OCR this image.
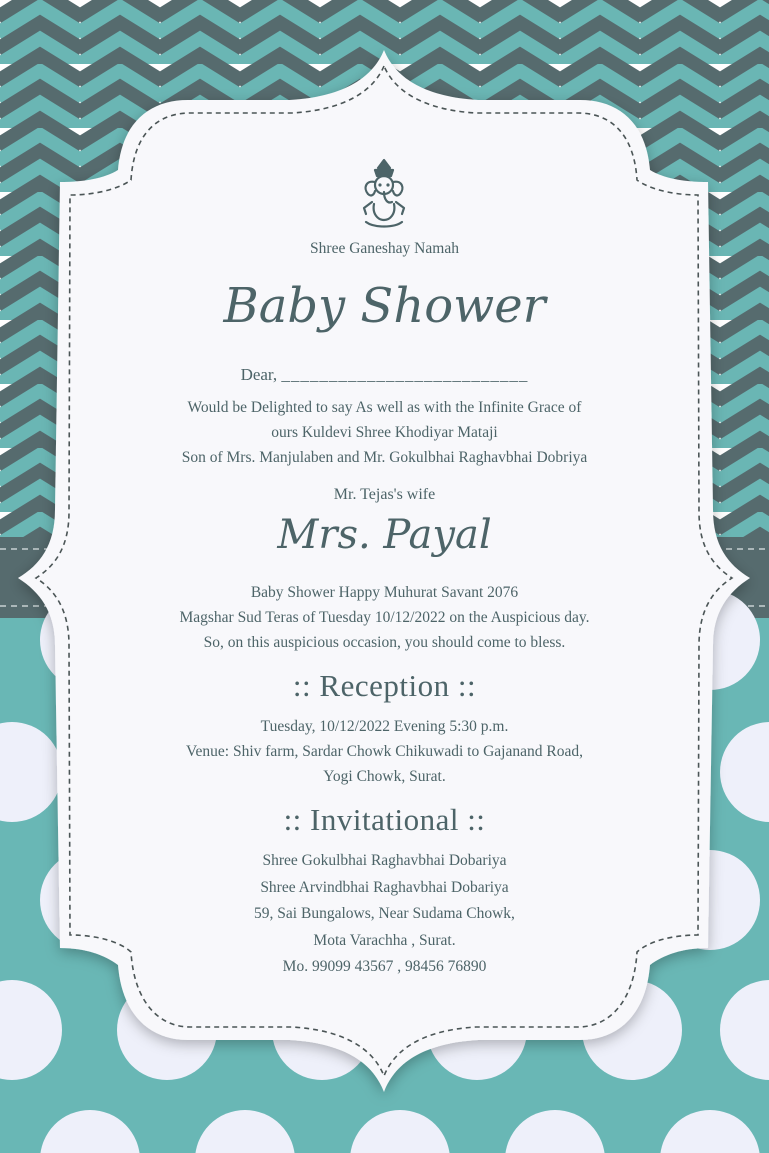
Shree Ganeshay Namah
Baby Shower
Dear, __________________________
Would be Delighted to say As well as with the Infinite Grace of
ours Kuldevi Shree Khodiyar Mataji
Son of Mrs. Manjulaben and Mr. Gokulbhai Raghavbhai Dobriya
Mr. Tejas's wife
Mrs. Payal
Baby Shower Happy Muhurat Savant 2076
Magshar Sud Teras of Tuesday 10/12/2022 on the Auspicious day.
So, on this auspicious occasion, you should come to bless.
:: Reception ::
Tuesday, 10/12/2022 Evening 5:30 p.m.
Venue: Shiv farm, Sardar Chowk Chikuwadi to Gajanand Road,
Yogi Chowk, Surat.
:: Invitational ::
Shree Gokulbhai Raghavbhai Dobariya
Shree Arvindbhai Raghavbhai Dobariya
59, Sai Bungalows, Near Sudama Chowk,
Mota Varachha , Surat.
Mo. 99099 43567 , 98456 76890
